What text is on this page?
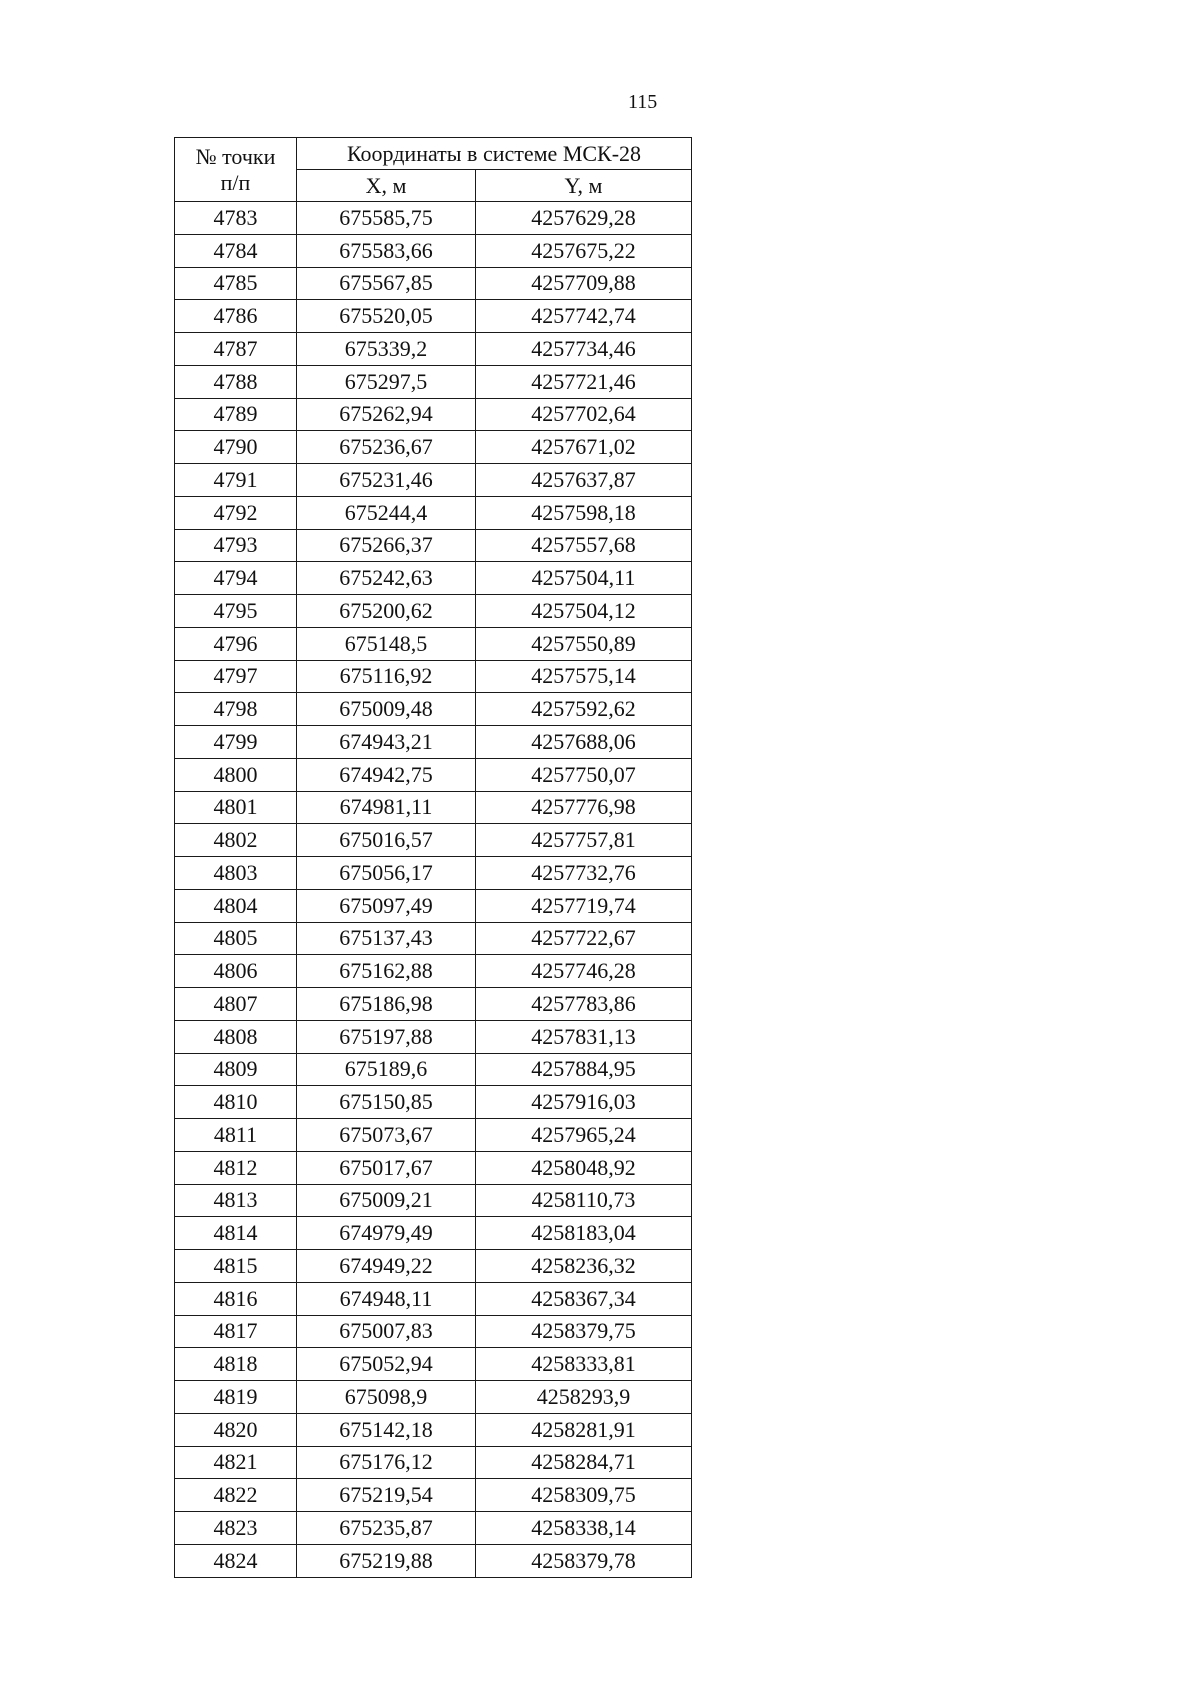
115
№ точки
п/п	Координаты в системе МСК-28	
	X, м	Y, м
4783	675585,75	4257629,28
4784	675583,66	4257675,22
4785	675567,85	4257709,88
4786	675520,05	4257742,74
4787	675339,2	4257734,46
4788	675297,5	4257721,46
4789	675262,94	4257702,64
4790	675236,67	4257671,02
4791	675231,46	4257637,87
4792	675244,4	4257598,18
4793	675266,37	4257557,68
4794	675242,63	4257504,11
4795	675200,62	4257504,12
4796	675148,5	4257550,89
4797	675116,92	4257575,14
4798	675009,48	4257592,62
4799	674943,21	4257688,06
4800	674942,75	4257750,07
4801	674981,11	4257776,98
4802	675016,57	4257757,81
4803	675056,17	4257732,76
4804	675097,49	4257719,74
4805	675137,43	4257722,67
4806	675162,88	4257746,28
4807	675186,98	4257783,86
4808	675197,88	4257831,13
4809	675189,6	4257884,95
4810	675150,85	4257916,03
4811	675073,67	4257965,24
4812	675017,67	4258048,92
4813	675009,21	4258110,73
4814	674979,49	4258183,04
4815	674949,22	4258236,32
4816	674948,11	4258367,34
4817	675007,83	4258379,75
4818	675052,94	4258333,81
4819	675098,9	4258293,9
4820	675142,18	4258281,91
4821	675176,12	4258284,71
4822	675219,54	4258309,75
4823	675235,87	4258338,14
4824	675219,88	4258379,78
